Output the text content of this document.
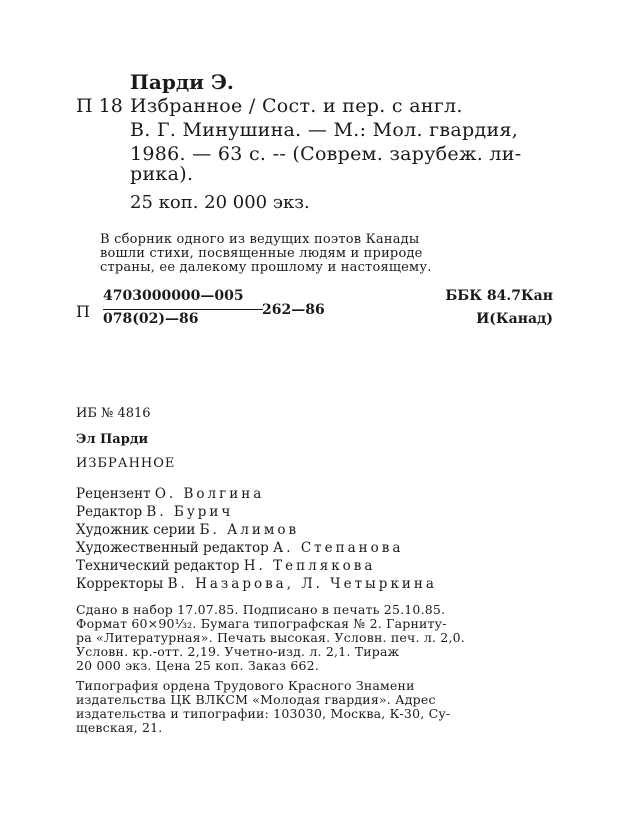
Парди Э.
П 18 Избранное / Сост. и пер. с англ.
В. Г. Минушина. — М.: Мол. гвардия,
1986. — 63 с. -- (Соврем. зарубеж. ли-
рика).
25 коп. 20 000 экз.
В сборник одного из ведущих поэтов Канады
вошли стихи, посвященные людям и природе
страны, ее далекому прошлому и настоящему.
П
4703000000—005
078(02)—86
262—86
ББК 84.7Кан
И(Канад)
ИБ № 4816
Эл Парди
ИЗБРАННОЕ
Рецензент О. Волгина
Редактор В. Бурич
Художник серии Б. Алимов
Художественный редактор А. Степанова
Технический редактор Н. Теплякова
Корректоры В. Назарова, Л. Четыркина
Сдано в набор 17.07.85. Подписано в печать 25.10.85.
Формат 60×90⅟₃₂. Бумага типографская № 2. Гарниту-
ра «Литературная». Печать высокая. Условн. печ. л. 2,0.
Условн. кр.-отт. 2,19. Учетно-изд. л. 2,1. Тираж
20 000 экз. Цена 25 коп. Заказ 662.
Типография ордена Трудового Красного Знамени
издательства ЦК ВЛКСМ «Молодая гвардия». Адрес
издательства и типографии: 103030, Москва, К-30, Су-
щевская, 21.
